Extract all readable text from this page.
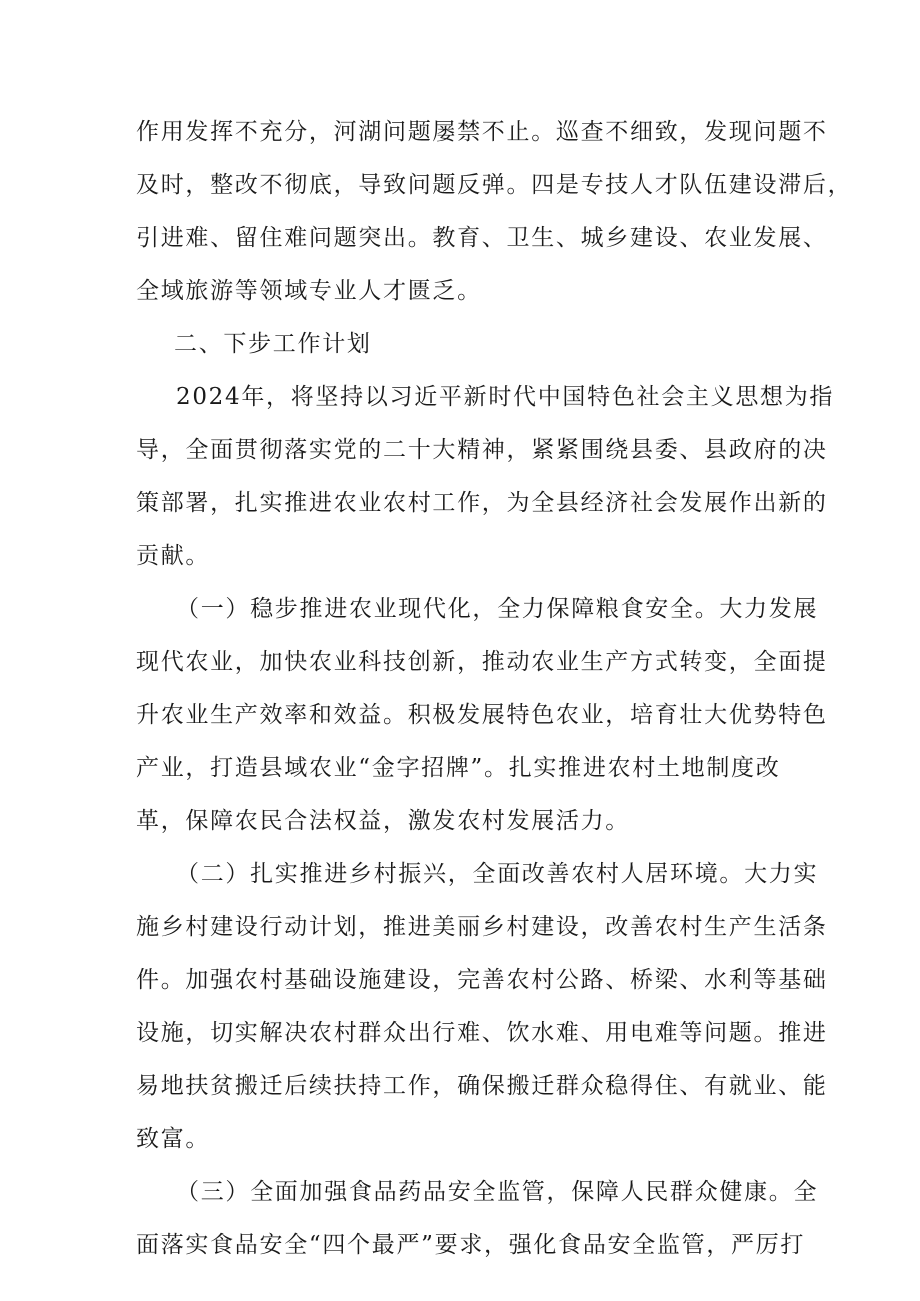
作用发挥不充分，河湖问题屡禁不止。巡查不细致，发现问题不
及时，整改不彻底，导致问题反弹。四是专技人才队伍建设滞后，
引进难、留住难问题突出。教育、卫生、城乡建设、农业发展、
全域旅游等领域专业人才匮乏。
二、下步工作计划
2024年，将坚持以习近平新时代中国特色社会主义思想为指
导，全面贯彻落实党的二十大精神，紧紧围绕县委、县政府的决
策部署，扎实推进农业农村工作，为全县经济社会发展作出新的
贡献。
（一）稳步推进农业现代化，全力保障粮食安全。大力发展
现代农业，加快农业科技创新，推动农业生产方式转变，全面提
升农业生产效率和效益。积极发展特色农业，培育壮大优势特色
产业，打造县域农业“金字招牌”。扎实推进农村土地制度改
革，保障农民合法权益，激发农村发展活力。
（二）扎实推进乡村振兴，全面改善农村人居环境。大力实
施乡村建设行动计划，推进美丽乡村建设，改善农村生产生活条
件。加强农村基础设施建设，完善农村公路、桥梁、水利等基础
设施，切实解决农村群众出行难、饮水难、用电难等问题。推进
易地扶贫搬迁后续扶持工作，确保搬迁群众稳得住、有就业、能
致富。
（三）全面加强食品药品安全监管，保障人民群众健康。全
面落实食品安全“四个最严”要求，强化食品安全监管，严厉打
